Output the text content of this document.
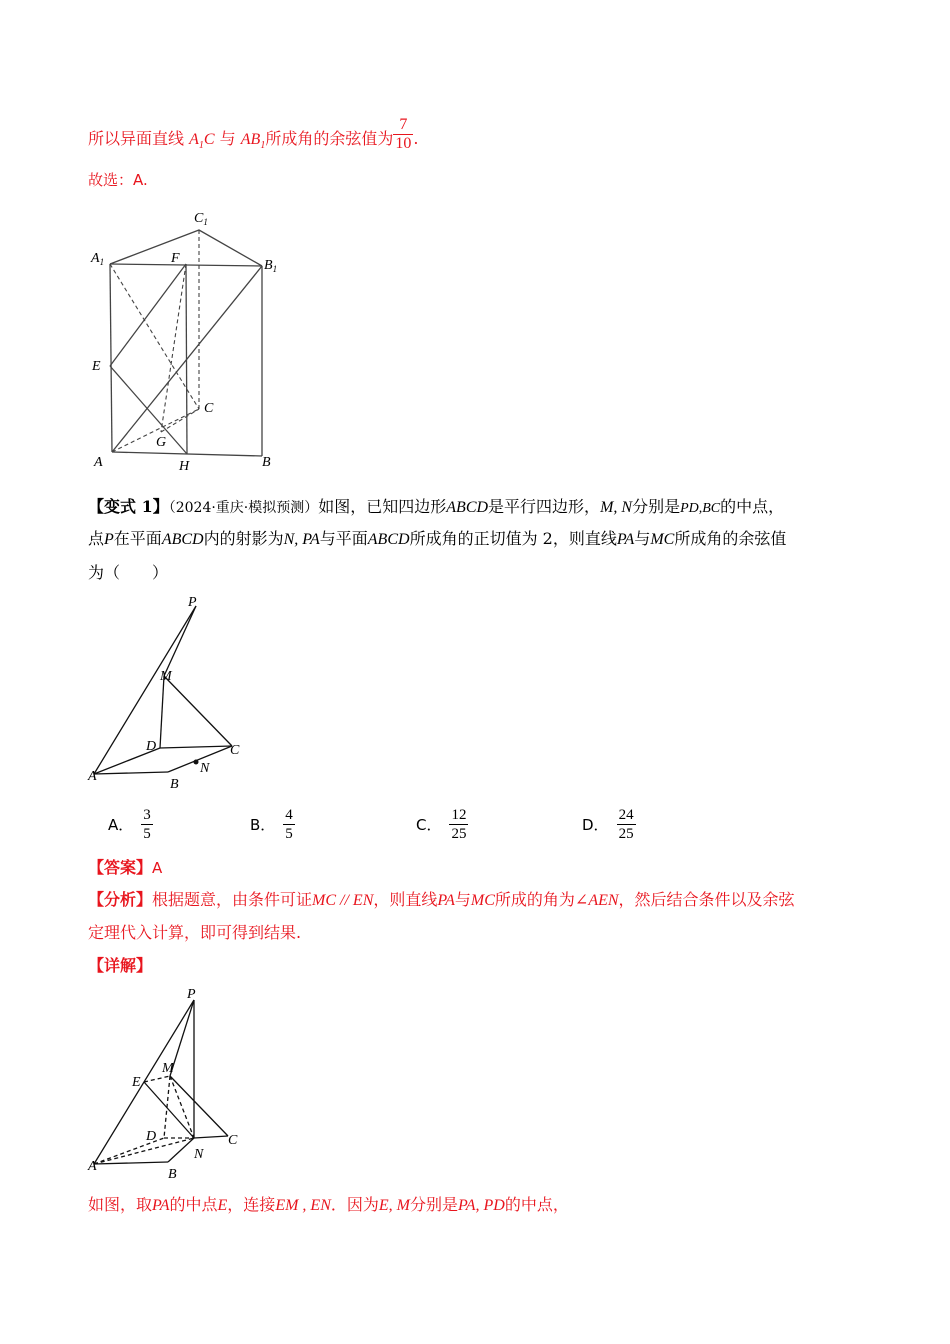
所以异面直线 $A_1C$ 与 $AB_1$所成角的余弦值为 $\frac{7}{10}$ .
故选：A.
$C_1$
$A_1$	$B_1$
F
E
C
G
A	H	B
【变式 1】（2024·重庆·模拟预测）如图，已知四边形ABCD是平行四边形，M, N分别是PD,BC的中点，
点P在平面ABCD内的射影为N, PA与平面ABCD所成角的正切值为 2，则直线PA与MC所成角的余弦值
为（　　）
P
M
D	C
A
N
B
A． $\frac{3}{5}$	B． $\frac{4}{5}$	C． $\frac{12}{25}$	D． $\frac{24}{25}$
【答案】A
【分析】根据题意，由条件可证MC // EN，则直线PA与MC所成的角为∠AEN，然后结合条件以及余弦
定理代入计算，即可得到结果.
【详解】
P
M
E
D	C
A
N
B
如图，取PA的中点E，连接EM , EN．因为E, M分别是PA, PD的中点，
